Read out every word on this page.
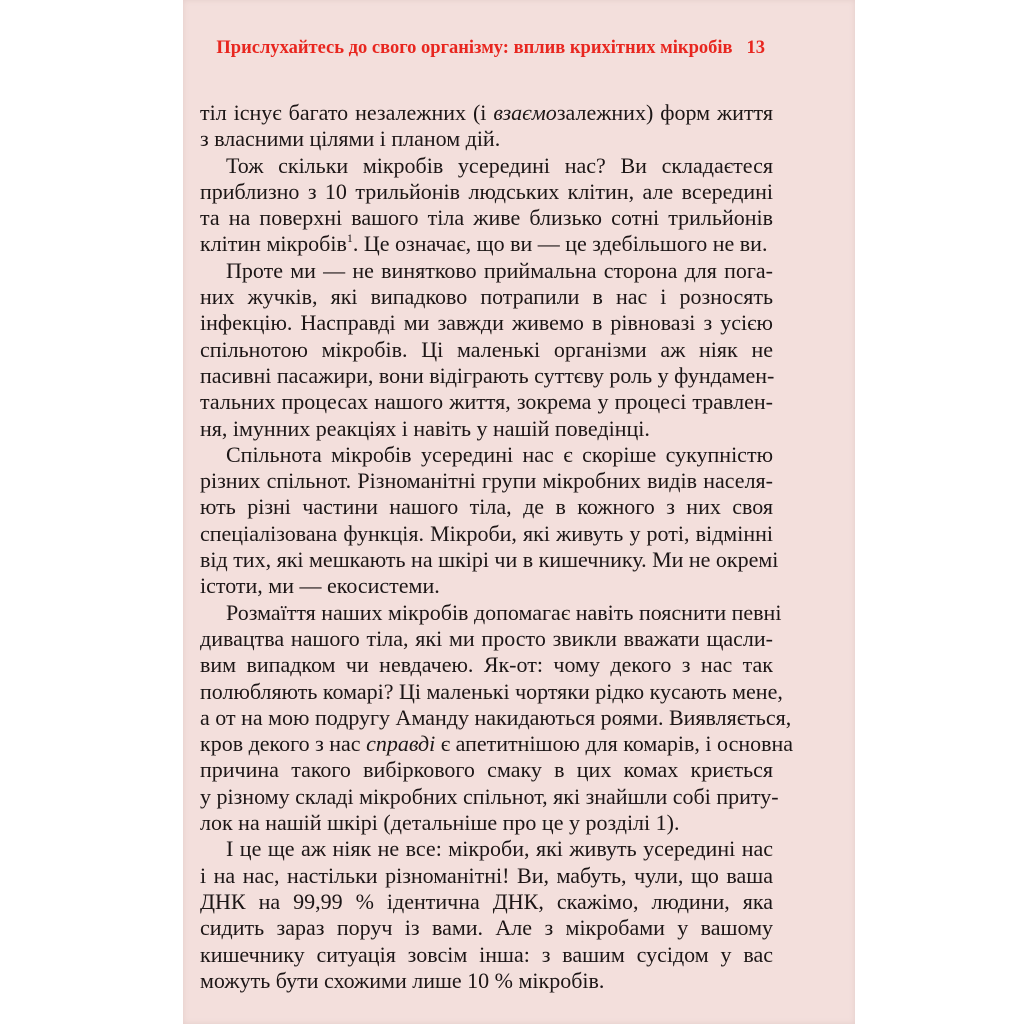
Прислухайтесь до свого організму: вплив крихітних мікробів 13
тіл існує багато незалежних (і взаємозалежних) форм життя
з власними цілями і планом дій.
Тож скільки мікробів усередині нас? Ви складаєтеся
приблизно з 10 трильйонів людських клітин, але всередині
та на поверхні вашого тіла живе близько сотні трильйонів
клітин мікробів$^1$. Це означає, що ви — це здебільшого не ви.
Проте ми — не винятково приймальна сторона для пога-
них жучків, які випадково потрапили в нас і розносять
інфекцію. Насправді ми завжди живемо в рівновазі з усією
спільнотою мікробів. Ці маленькі організми аж ніяк не
пасивні пасажири, вони відіграють суттєву роль у фундамен-
тальних процесах нашого життя, зокрема у процесі травлен-
ня, імунних реакціях і навіть у нашій поведінці.
Спільнота мікробів усередині нас є скоріше сукупністю
різних спільнот. Різноманітні групи мікробних видів населя-
ють різні частини нашого тіла, де в кожного з них своя
спеціалізована функція. Мікроби, які живуть у роті, відмінні
від тих, які мешкають на шкірі чи в кишечнику. Ми не окремі
істоти, ми — екосистеми.
Розмаїття наших мікробів допомагає навіть пояснити певні
дивацтва нашого тіла, які ми просто звикли вважати щасли-
вим випадком чи невдачею. Як-от: чому декого з нас так
полюбляють комарі? Ці маленькі чортяки рідко кусають мене,
а от на мою подругу Аманду накидаються роями. Виявляється,
кров декого з нас справді є апетитнішою для комарів, і основна
причина такого вибіркового смаку в цих комах криється
у різному складі мікробних спільнот, які знайшли собі приту-
лок на нашій шкірі (детальніше про це у розділі 1).
І це ще аж ніяк не все: мікроби, які живуть усередині нас
і на нас, настільки різноманітні! Ви, мабуть, чули, що ваша
ДНК на 99,99 % ідентична ДНК, скажімо, людини, яка
сидить зараз поруч із вами. Але з мікробами у вашому
кишечнику ситуація зовсім інша: з вашим сусідом у вас
можуть бути схожими лише 10 % мікробів.
